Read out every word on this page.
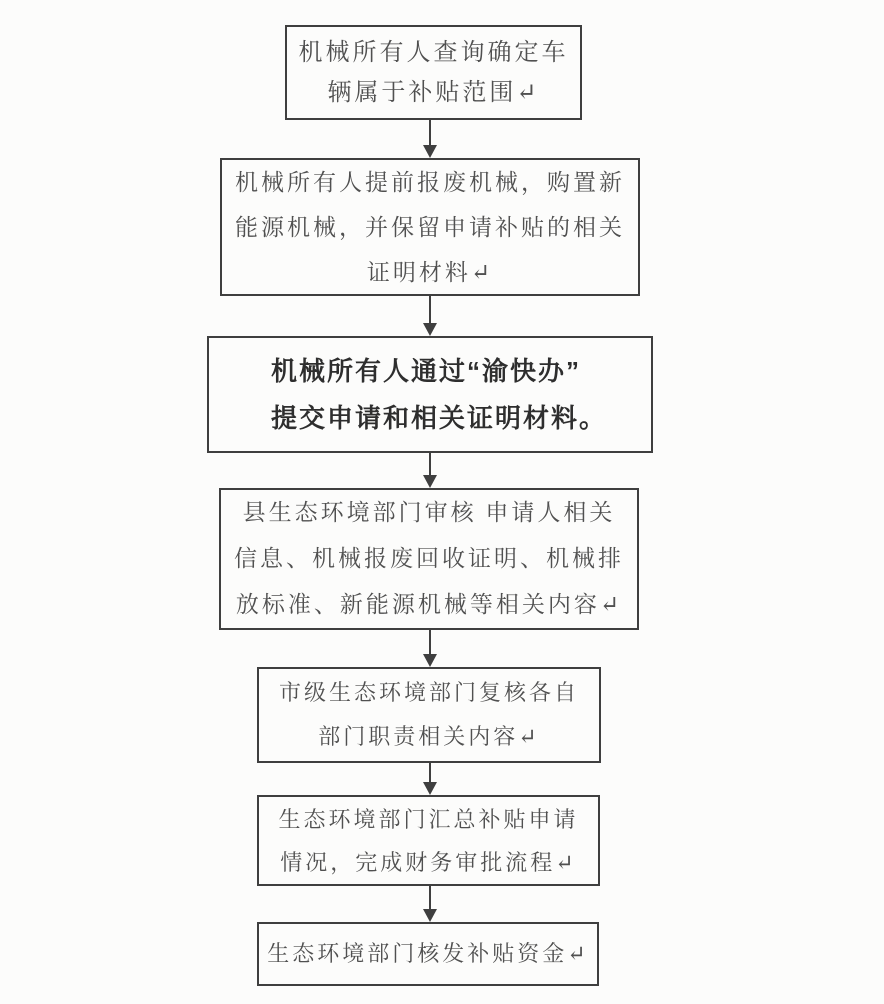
机械所有人查询确定车
辆属于补贴范围↵
机械所有人提前报废机械，购置新
能源机械，并保留申请补贴的相关
证明材料↵
机械所有人通过“渝快办”
提交申请和相关证明材料。
县生态环境部门审核 申请人相关
信息、机械报废回收证明、机械排
放标准、新能源机械等相关内容↵
市级生态环境部门复核各自
部门职责相关内容↵
生态环境部门汇总补贴申请
情况，完成财务审批流程↵
生态环境部门核发补贴资金↵
